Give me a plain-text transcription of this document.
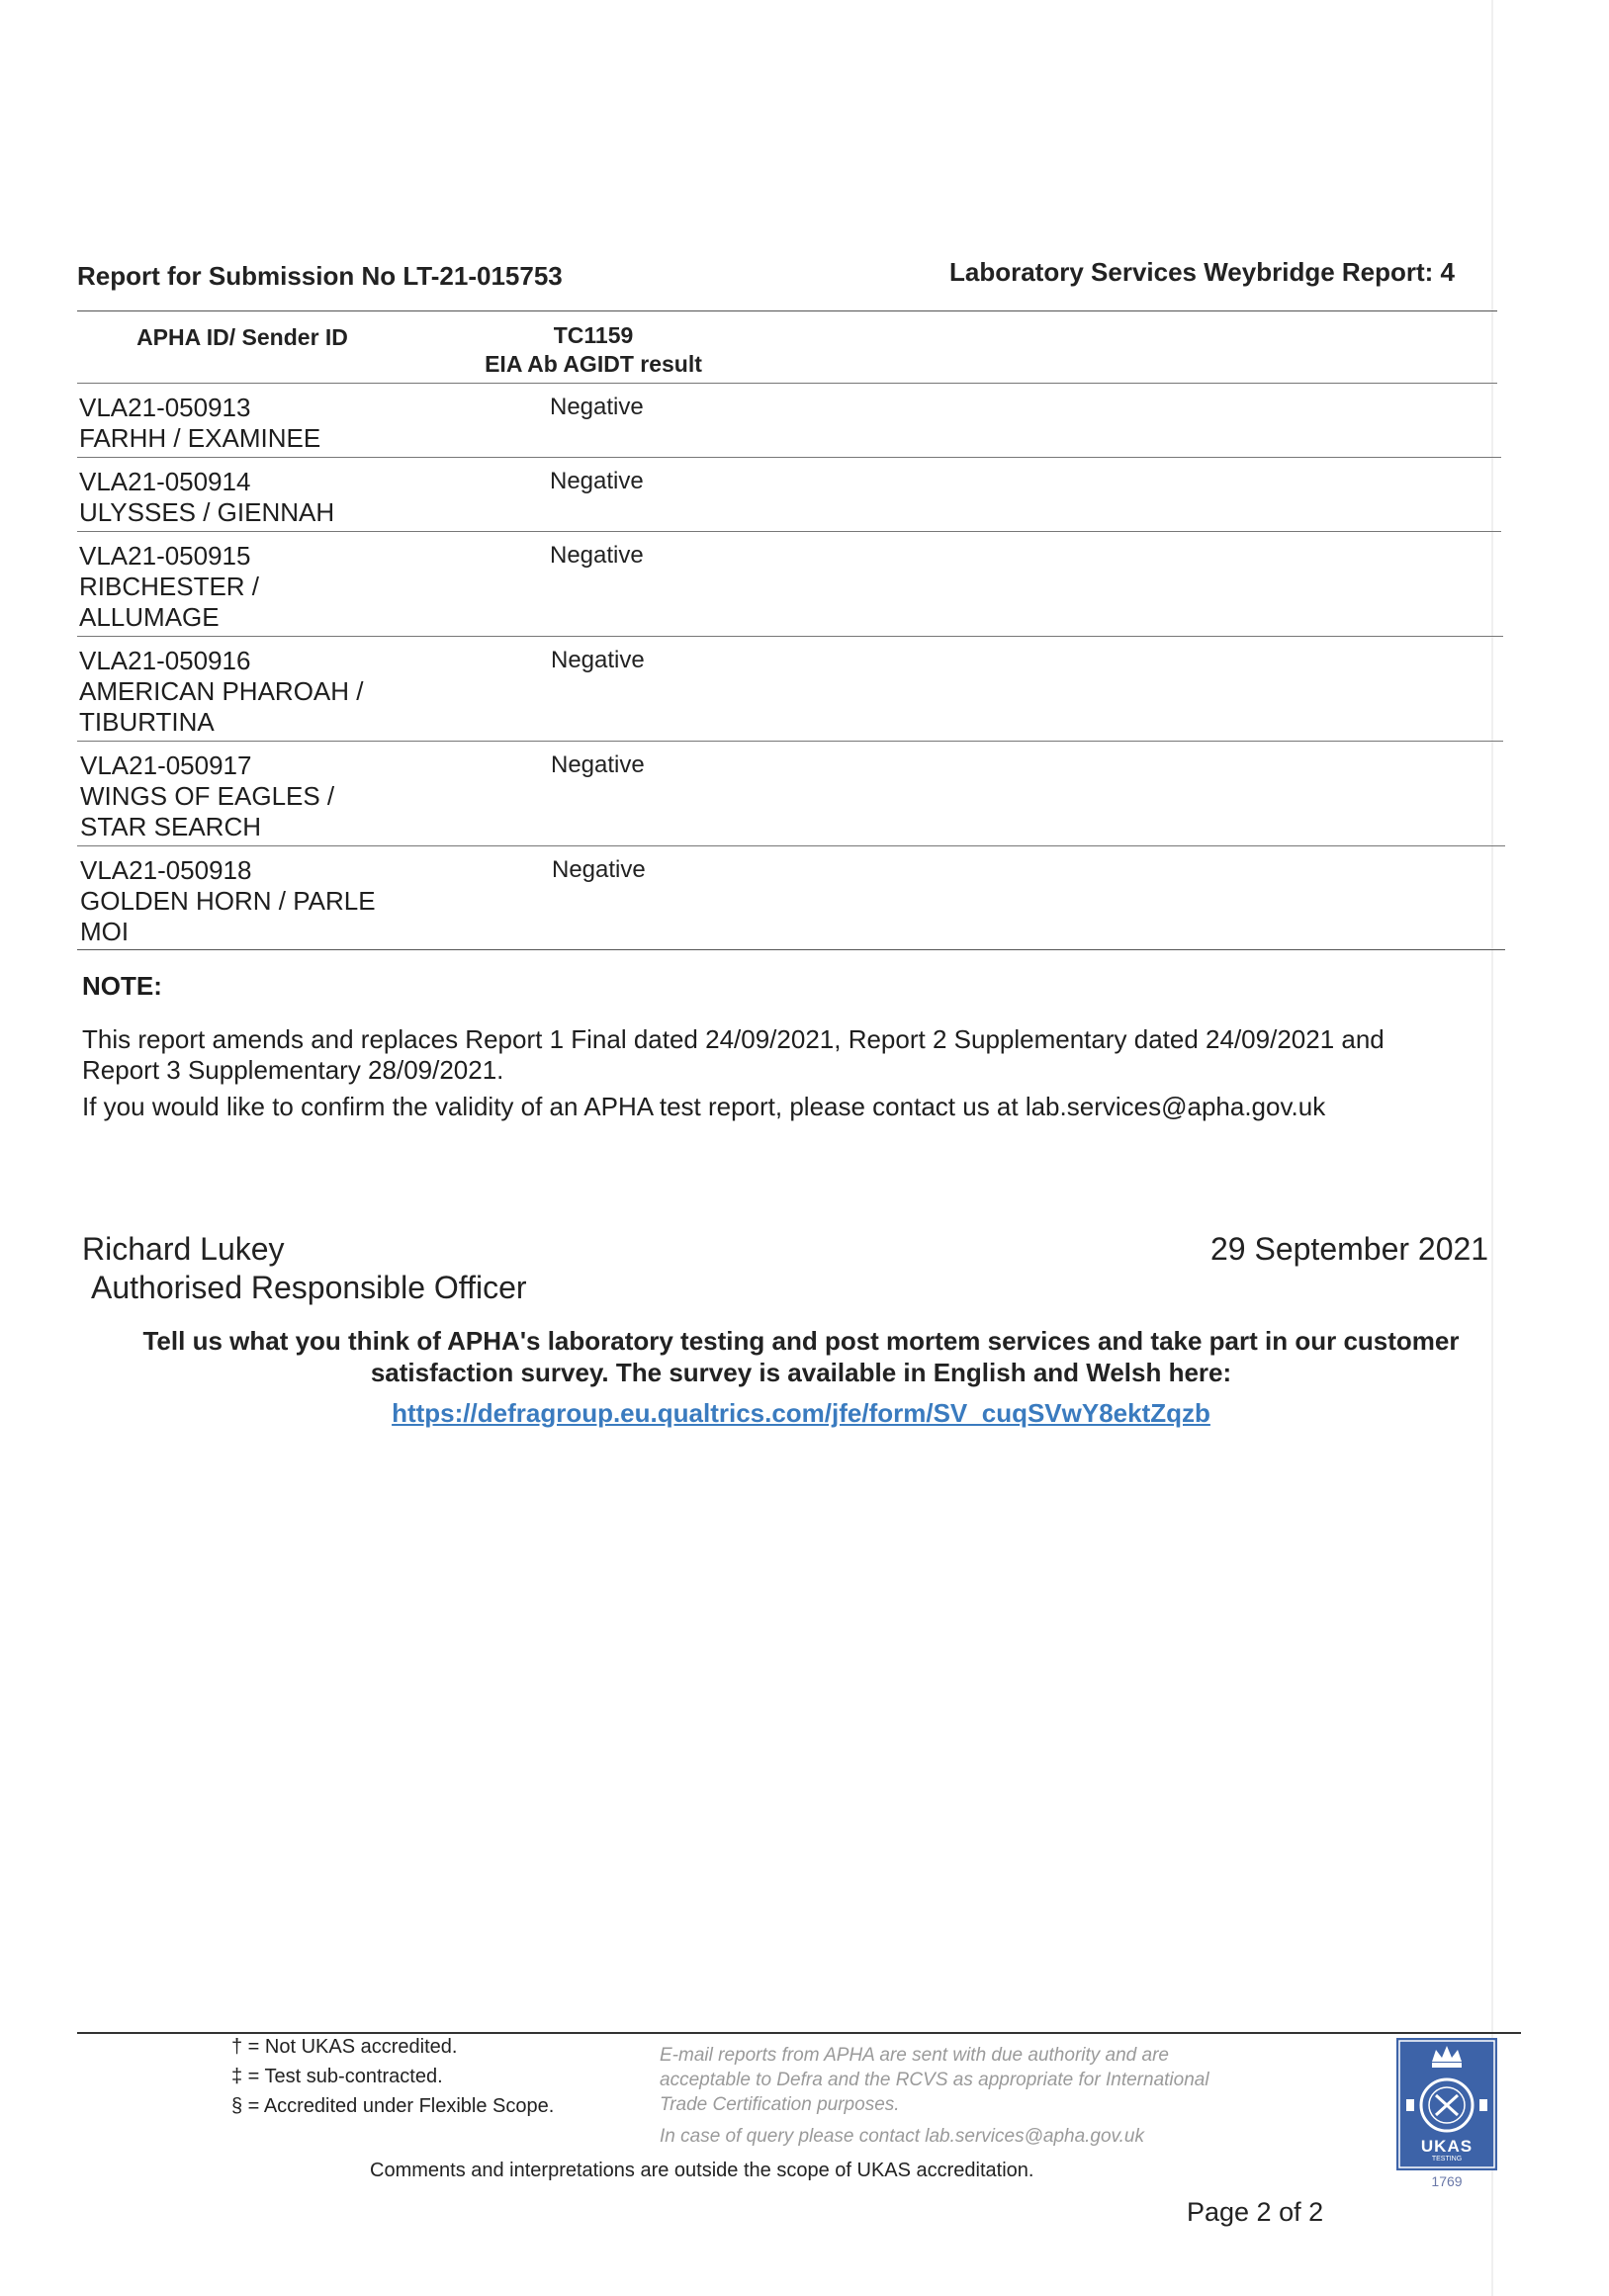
Report for Submission No LT-21-015753	Laboratory Services Weybridge Report: 4
APHA ID/ Sender ID	TC1159
EIA Ab AGIDT result
VLA21-050913
FARHH / EXAMINEE
Negative
VLA21-050914
ULYSSES / GIENNAH
Negative
VLA21-050915
RIBCHESTER /
ALLUMAGE
Negative
VLA21-050916
AMERICAN PHAROAH /
TIBURTINA
Negative
VLA21-050917
WINGS OF EAGLES /
STAR SEARCH
Negative
VLA21-050918
GOLDEN HORN / PARLE
MOI
Negative
NOTE:
This report amends and replaces Report 1 Final dated 24/09/2021, Report 2 Supplementary dated 24/09/2021 and
Report 3 Supplementary 28/09/2021.
If you would like to confirm the validity of an APHA test report, please contact us at lab.services@apha.gov.uk
Richard Lukey
Authorised Responsible Officer
29 September 2021
Tell us what you think of APHA's laboratory testing and post mortem services and take part in our customer
satisfaction survey. The survey is available in English and Welsh here:
https://defragroup.eu.qualtrics.com/jfe/form/SV_cuqSVwY8ektZqzb
† = Not UKAS accredited.
‡ = Test sub-contracted.
§ = Accredited under Flexible Scope.
E-mail reports from APHA are sent with due authority and are
acceptable to Defra and the RCVS as appropriate for International
Trade Certification purposes.
In case of query please contact lab.services@apha.gov.uk
Comments and interpretations are outside the scope of UKAS accreditation.
UKAS
TESTING
1769
Page 2 of 2
